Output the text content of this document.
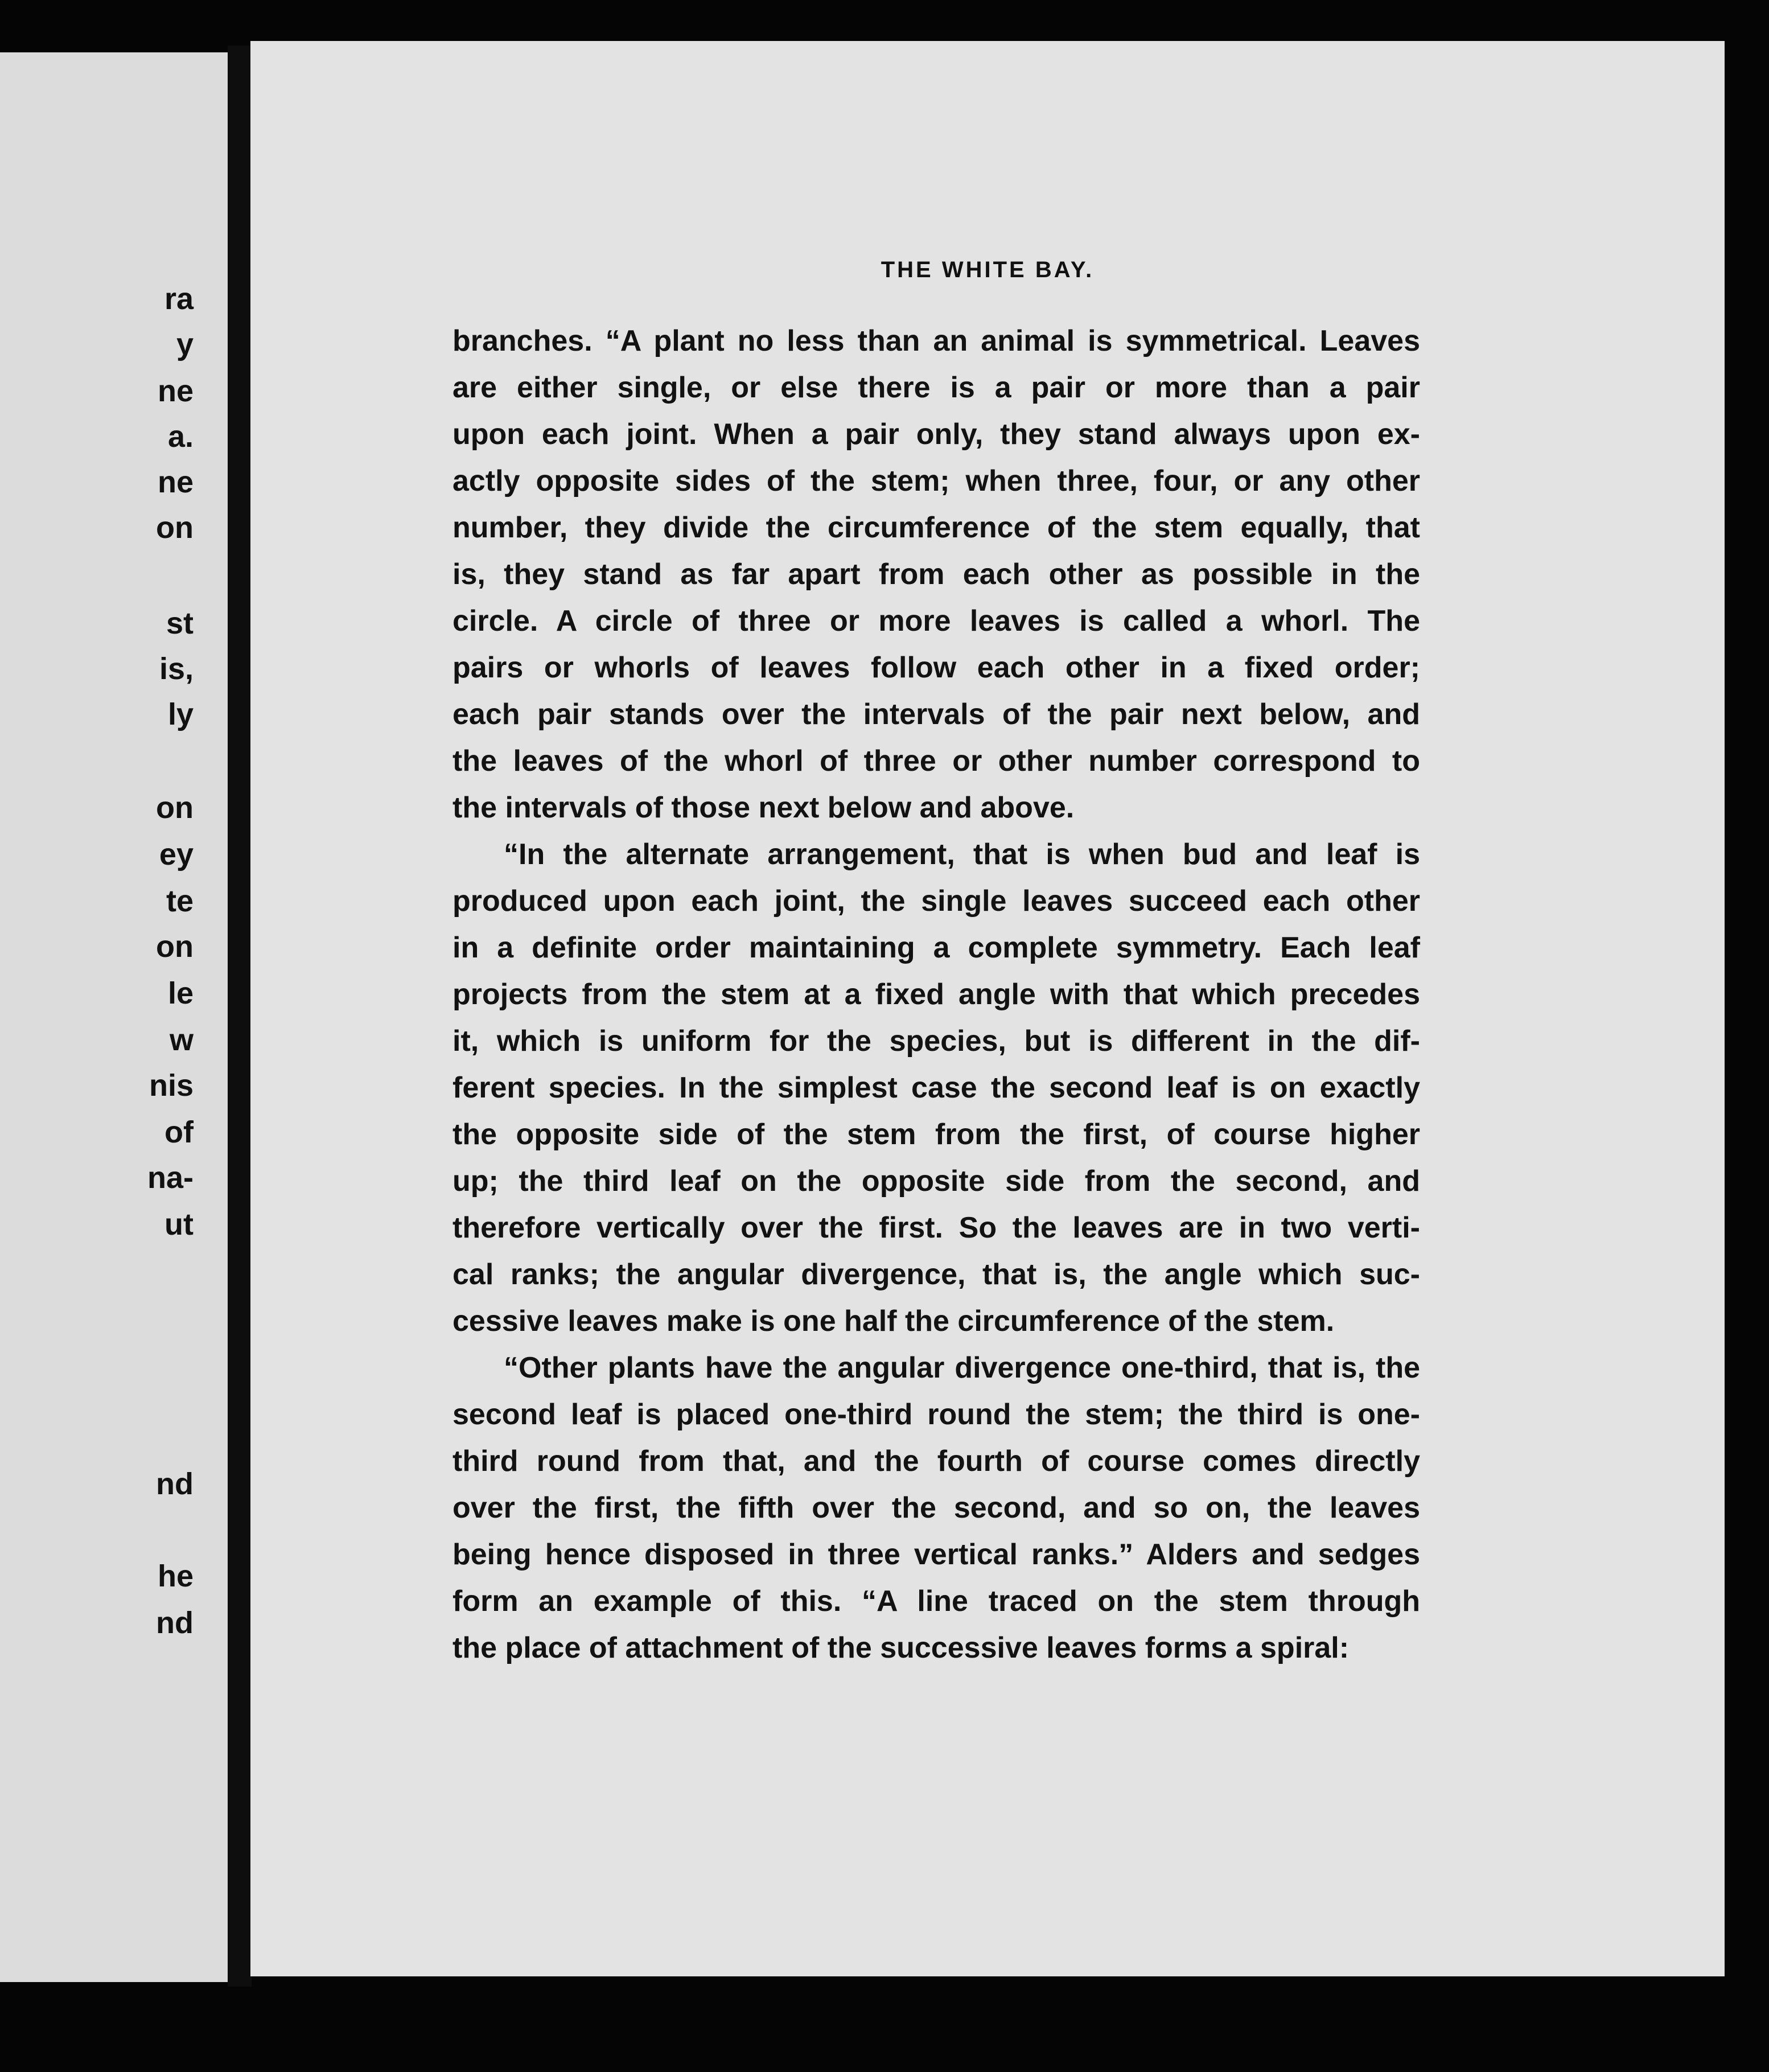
ra
y
ne
a.
ne
on
st
is,
ly
on
ey
te
on
le
w
nis
of
na-
ut
nd
he
nd
THE WHITE BAY.
branches. “A plant no less than an animal is symmetrical. Leaves
are either single, or else there is a pair or more than a pair
upon each joint. When a pair only, they stand always upon ex-
actly opposite sides of the stem; when three, four, or any other
number, they divide the circumference of the stem equally, that
is, they stand as far apart from each other as possible in the
circle. A circle of three or more leaves is called a whorl. The
pairs or whorls of leaves follow each other in a fixed order;
each pair stands over the intervals of the pair next below, and
the leaves of the whorl of three or other number correspond to
the intervals of those next below and above.
“In the alternate arrangement, that is when bud and leaf is
produced upon each joint, the single leaves succeed each other
in a definite order maintaining a complete symmetry. Each leaf
projects from the stem at a fixed angle with that which precedes
it, which is uniform for the species, but is different in the dif-
ferent species. In the simplest case the second leaf is on exactly
the opposite side of the stem from the first, of course higher
up; the third leaf on the opposite side from the second, and
therefore vertically over the first. So the leaves are in two verti-
cal ranks; the angular divergence, that is, the angle which suc-
cessive leaves make is one half the circumference of the stem.
“Other plants have the angular divergence one-third, that is, the
second leaf is placed one-third round the stem; the third is one-
third round from that, and the fourth of course comes directly
over the first, the fifth over the second, and so on, the leaves
being hence disposed in three vertical ranks.” Alders and sedges
form an example of this. “A line traced on the stem through
the place of attachment of the successive leaves forms a spiral:
